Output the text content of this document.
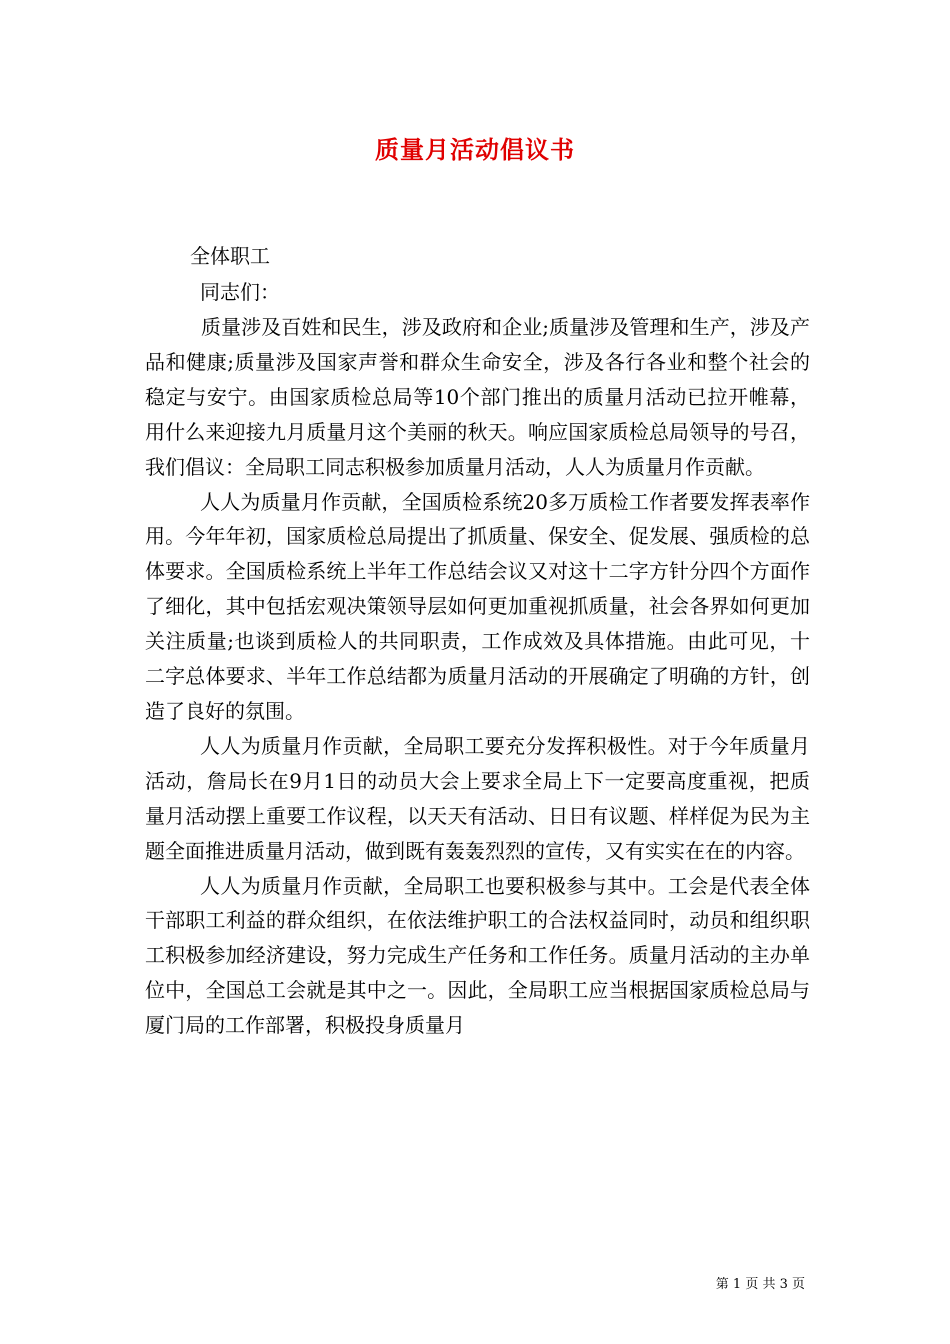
质量月活动倡议书
全体职工
同志们：

质量涉及百姓和民生，涉及政府和企业;质量涉及管理和生产，涉及产品和健康;质量涉及国家声誉和群众生命安全，涉及各行各业和整个社会的稳定与安宁。由国家质检总局等10个部门推出的质量月活动已拉开帷幕，用什么来迎接九月质量月这个美丽的秋天。响应国家质检总局领导的号召，我们倡议：全局职工同志积极参加质量月活动，人人为质量月作贡献。

人人为质量月作贡献，全国质检系统20多万质检工作者要发挥表率作用。今年年初，国家质检总局提出了抓质量、保安全、促发展、强质检的总体要求。全国质检系统上半年工作总结会议又对这十二字方针分四个方面作了细化，其中包括宏观决策领导层如何更加重视抓质量，社会各界如何更加关注质量;也谈到质检人的共同职责，工作成效及具体措施。由此可见，十二字总体要求、半年工作总结都为质量月活动的开展确定了明确的方针，创造了良好的氛围。

人人为质量月作贡献，全局职工要充分发挥积极性。对于今年质量月活动，詹局长在9月1日的动员大会上要求全局上下一定要高度重视，把质量月活动摆上重要工作议程，以天天有活动、日日有议题、样样促为民为主题全面推进质量月活动，做到既有轰轰烈烈的宣传，又有实实在在的内容。

人人为质量月作贡献，全局职工也要积极参与其中。工会是代表全体干部职工利益的群众组织，在依法维护职工的合法权益同时，动员和组织职工积极参加经济建设，努力完成生产任务和工作任务。质量月活动的主办单位中，全国总工会就是其中之一。因此，全局职工应当根据国家质检总局与厦门局的工作部署，积极投身质量月

第 1 页 共 3 页
